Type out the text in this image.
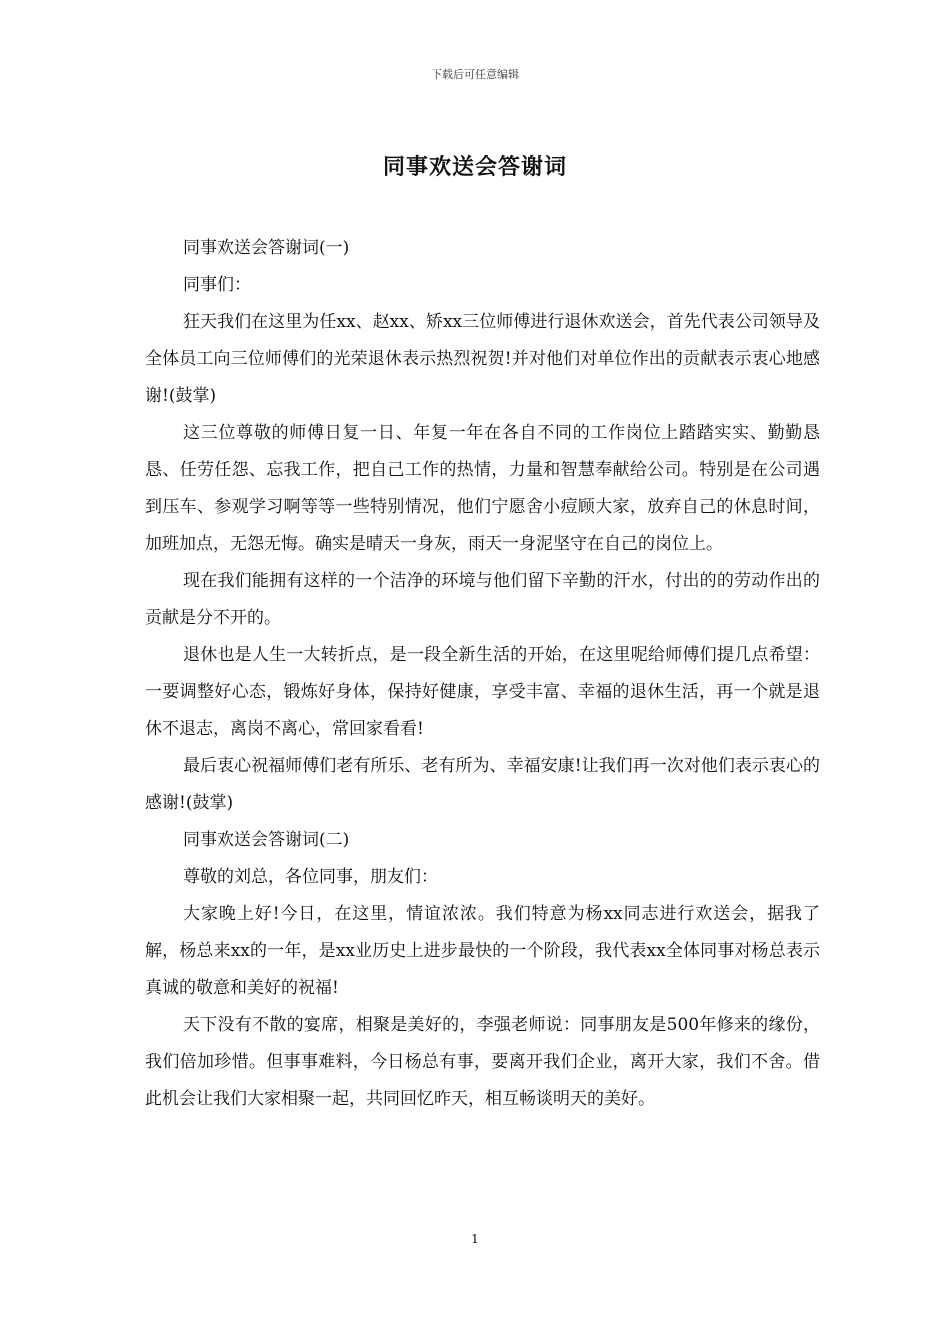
下载后可任意编辑
同事欢送会答谢词

同事欢送会答谢词(一)

同事们：

狂天我们在这里为任xx、赵xx、矫xx三位师傅进行退休欢送会，首先代表公司领导及全体员工向三位师傅们的光荣退休表示热烈祝贺!并对他们对单位作出的贡献表示衷心地感谢!(鼓掌)

这三位尊敬的师傅日复一日、年复一年在各自不同的工作岗位上踏踏实实、勤勤恳恳、任劳任怨、忘我工作，把自己工作的热情，力量和智慧奉献给公司。特别是在公司遇到压车、参观学习啊等等一些特别情况，他们宁愿舍小痘顾大家，放弃自己的休息时间，加班加点，无怨无悔。确实是晴天一身灰，雨天一身泥坚守在自己的岗位上。

现在我们能拥有这样的一个洁净的环境与他们留下辛勤的汗水，付出的的劳动作出的贡献是分不开的。

退休也是人生一大转折点，是一段全新生活的开始，在这里呢给师傅们提几点希望：一要调整好心态，锻炼好身体，保持好健康，享受丰富、幸福的退休生活，再一个就是退休不退志，离岗不离心，常回家看看!

最后衷心祝福师傅们老有所乐、老有所为、幸福安康!让我们再一次对他们表示衷心的感谢!(鼓掌)

同事欢送会答谢词(二)

尊敬的刘总，各位同事，朋友们：

大家晚上好!今日，在这里，情谊浓浓。我们特意为杨xx同志进行欢送会，据我了解，杨总来xx的一年，是xx业历史上进步最快的一个阶段，我代表xx全体同事对杨总表示真诚的敬意和美好的祝福!

天下没有不散的宴席，相聚是美好的，李强老师说：同事朋友是500年修来的缘份，我们倍加珍惜。但事事难料，今日杨总有事，要离开我们企业，离开大家，我们不舍。借此机会让我们大家相聚一起，共同回忆昨天，相互畅谈明天的美好。

1
